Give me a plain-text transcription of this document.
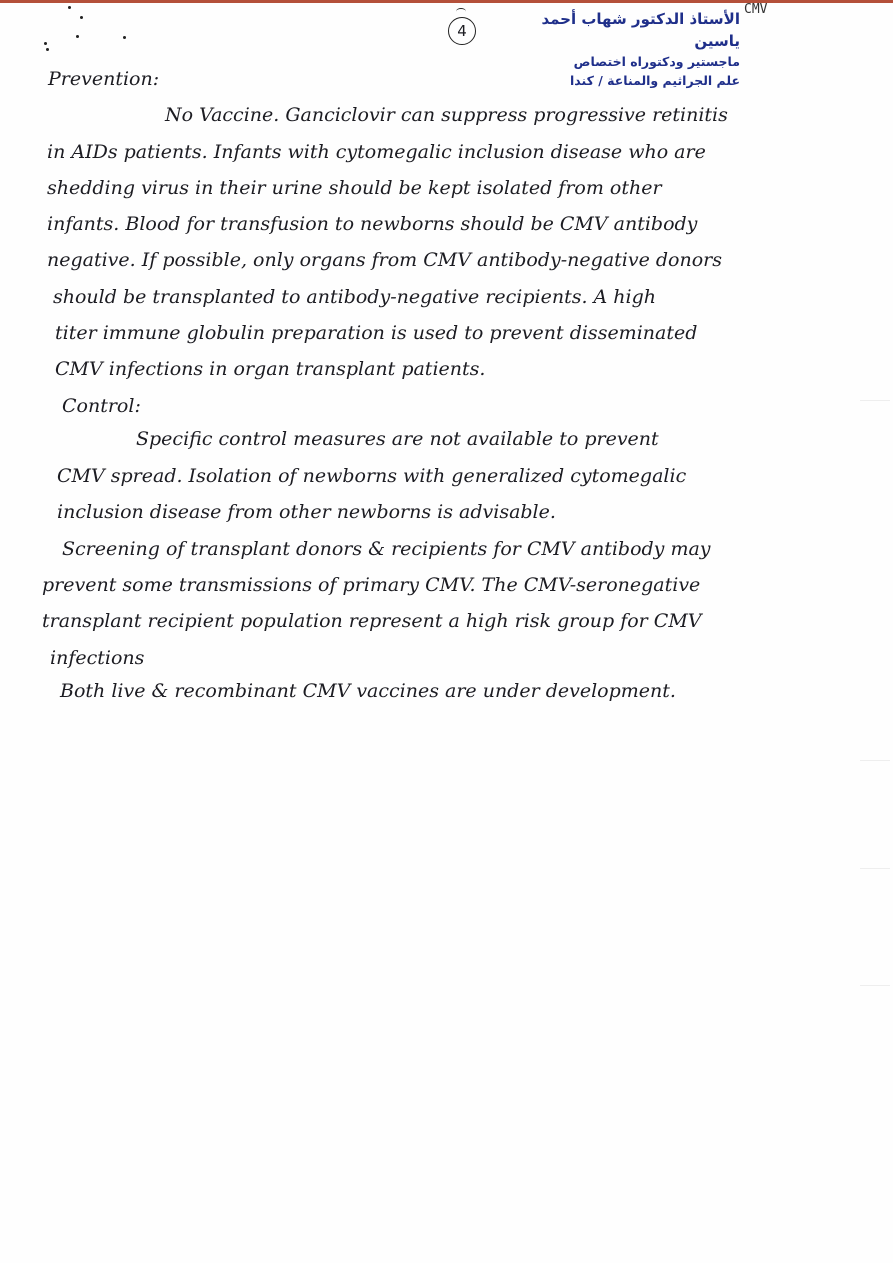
4
الأستاذ الدكتور شهاب أحمد ياسين
ماجستير ودكتوراه اختصاص
علم الجراثيم والمناعة / كندا
CMV
Prevention:
No Vaccine. Ganciclovir can suppress progressive retinitis
in AIDs patients. Infants with cytomegalic inclusion disease who are
shedding virus in their urine should be kept isolated from other
infants. Blood for transfusion to newborns should be CMV antibody
negative. If possible, only organs from CMV antibody-negative donors
should be transplanted to antibody-negative recipients. A high
titer immune globulin preparation is used to prevent disseminated
CMV infections in organ transplant patients.
Control:
Specific control measures are not available to prevent
CMV spread. Isolation of newborns with generalized cytomegalic
inclusion disease from other newborns is advisable.
Screening of transplant donors & recipients for CMV antibody may
prevent some transmissions of primary CMV. The CMV-seronegative
transplant recipient population represent a high risk group for CMV
infections
Both live & recombinant CMV vaccines are under development.
